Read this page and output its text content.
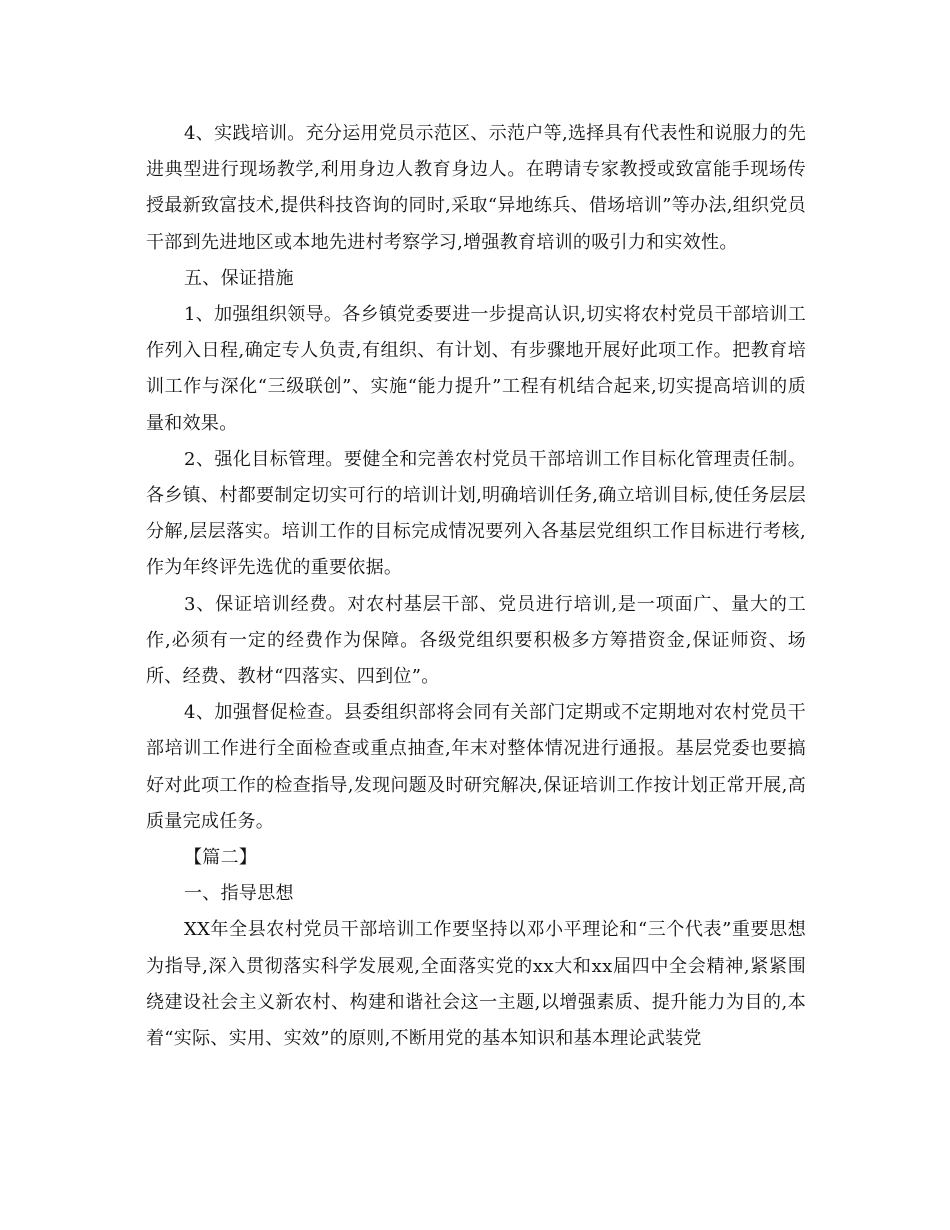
4、实践培训。充分运用党员示范区、示范户等,选择具有代表性和说服力的先进典型进行现场教学,利用身边人教育身边人。在聘请专家教授或致富能手现场传授最新致富技术,提供科技咨询的同时,采取“异地练兵、借场培训”等办法,组织党员干部到先进地区或本地先进村考察学习,增强教育培训的吸引力和实效性。

五、保证措施

1、加强组织领导。各乡镇党委要进一步提高认识,切实将农村党员干部培训工作列入日程,确定专人负责,有组织、有计划、有步骤地开展好此项工作。把教育培训工作与深化“三级联创”、实施“能力提升”工程有机结合起来,切实提高培训的质量和效果。

2、强化目标管理。要健全和完善农村党员干部培训工作目标化管理责任制。各乡镇、村都要制定切实可行的培训计划,明确培训任务,确立培训目标,使任务层层分解,层层落实。培训工作的目标完成情况要列入各基层党组织工作目标进行考核,作为年终评先选优的重要依据。

3、保证培训经费。对农村基层干部、党员进行培训,是一项面广、量大的工作,必须有一定的经费作为保障。各级党组织要积极多方筹措资金,保证师资、场所、经费、教材“四落实、四到位”。

4、加强督促检查。县委组织部将会同有关部门定期或不定期地对农村党员干部培训工作进行全面检查或重点抽查,年末对整体情况进行通报。基层党委也要搞好对此项工作的检查指导,发现问题及时研究解决,保证培训工作按计划正常开展,高质量完成任务。

【篇二】

一、指导思想

XX年全县农村党员干部培训工作要坚持以邓小平理论和“三个代表”重要思想为指导,深入贯彻落实科学发展观,全面落实党的xx大和xx届四中全会精神,紧紧围绕建设社会主义新农村、构建和谐社会这一主题,以增强素质、提升能力为目的,本着“实际、实用、实效”的原则,不断用党的基本知识和基本理论武装党
